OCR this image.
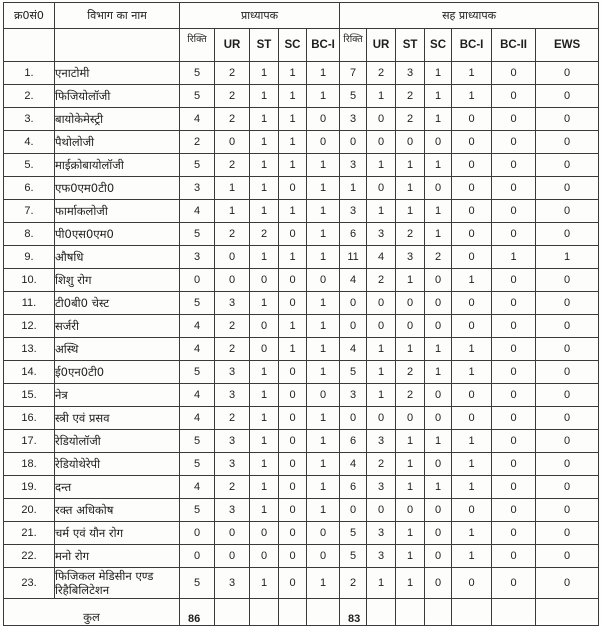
क्र0सं0	विभाग का नाम	प्राध्यापक					सह प्राध्यापक						
		रिक्ति	UR	ST	SC	BC-I	रिक्ति	UR	ST	SC	BC-I	BC-II	EWS
1.	एनाटोमी	5	2	1	1	1	7	2	3	1	1	0	0
2.	फिजियोलॉजी	5	2	1	1	1	5	1	2	1	1	0	0
3.	बायोकेमेस्ट्री	4	2	1	1	0	3	0	2	1	0	0	0
4.	पैथोलोजी	2	0	1	1	0	0	0	0	0	0	0	0
5.	माईक्रोबायोलॉजी	5	2	1	1	1	3	1	1	1	0	0	0
6.	एफ0एम0टी0	3	1	1	0	1	1	0	1	0	0	0	0
7.	फार्माकलोजी	4	1	1	1	1	3	1	1	1	0	0	0
8.	पी0एस0एम0	5	2	2	0	1	6	3	2	1	0	0	0
9.	औषधि	3	0	1	1	1	11	4	3	2	0	1	1
10.	शिशु रोग	0	0	0	0	0	4	2	1	0	1	0	0
11.	टी0बी0 चेस्ट	5	3	1	0	1	0	0	0	0	0	0	0
12.	सर्जरी	4	2	0	1	1	0	0	0	0	0	0	0
13.	अस्थि	4	2	0	1	1	4	1	1	1	1	0	0
14.	ई0एन0टी0	5	3	1	0	1	5	1	2	1	1	0	0
15.	नेत्र	4	3	1	0	0	3	1	2	0	0	0	0
16.	स्त्री एवं प्रसव	4	2	1	0	1	0	0	0	0	0	0	0
17.	रेडियोलॉजी	5	3	1	0	1	6	3	1	1	1	0	0
18.	रेडियोथेरेपी	5	3	1	0	1	4	2	1	0	1	0	0
19.	दन्त	4	2	1	0	1	6	3	1	1	1	0	0
20.	रक्त अधिकोष	5	3	1	0	1	0	0	0	0	0	0	0
21.	चर्म एवं यौन रोग	0	0	0	0	0	5	3	1	0	1	0	0
22.	मनो रोग	0	0	0	0	0	5	3	1	0	1	0	0
23.	फिजिकल मेडिसीन एण्ड रिहैबिलिटेशन	5	3	1	0	1	2	1	1	0	0	0	0
कुल		86					83						
